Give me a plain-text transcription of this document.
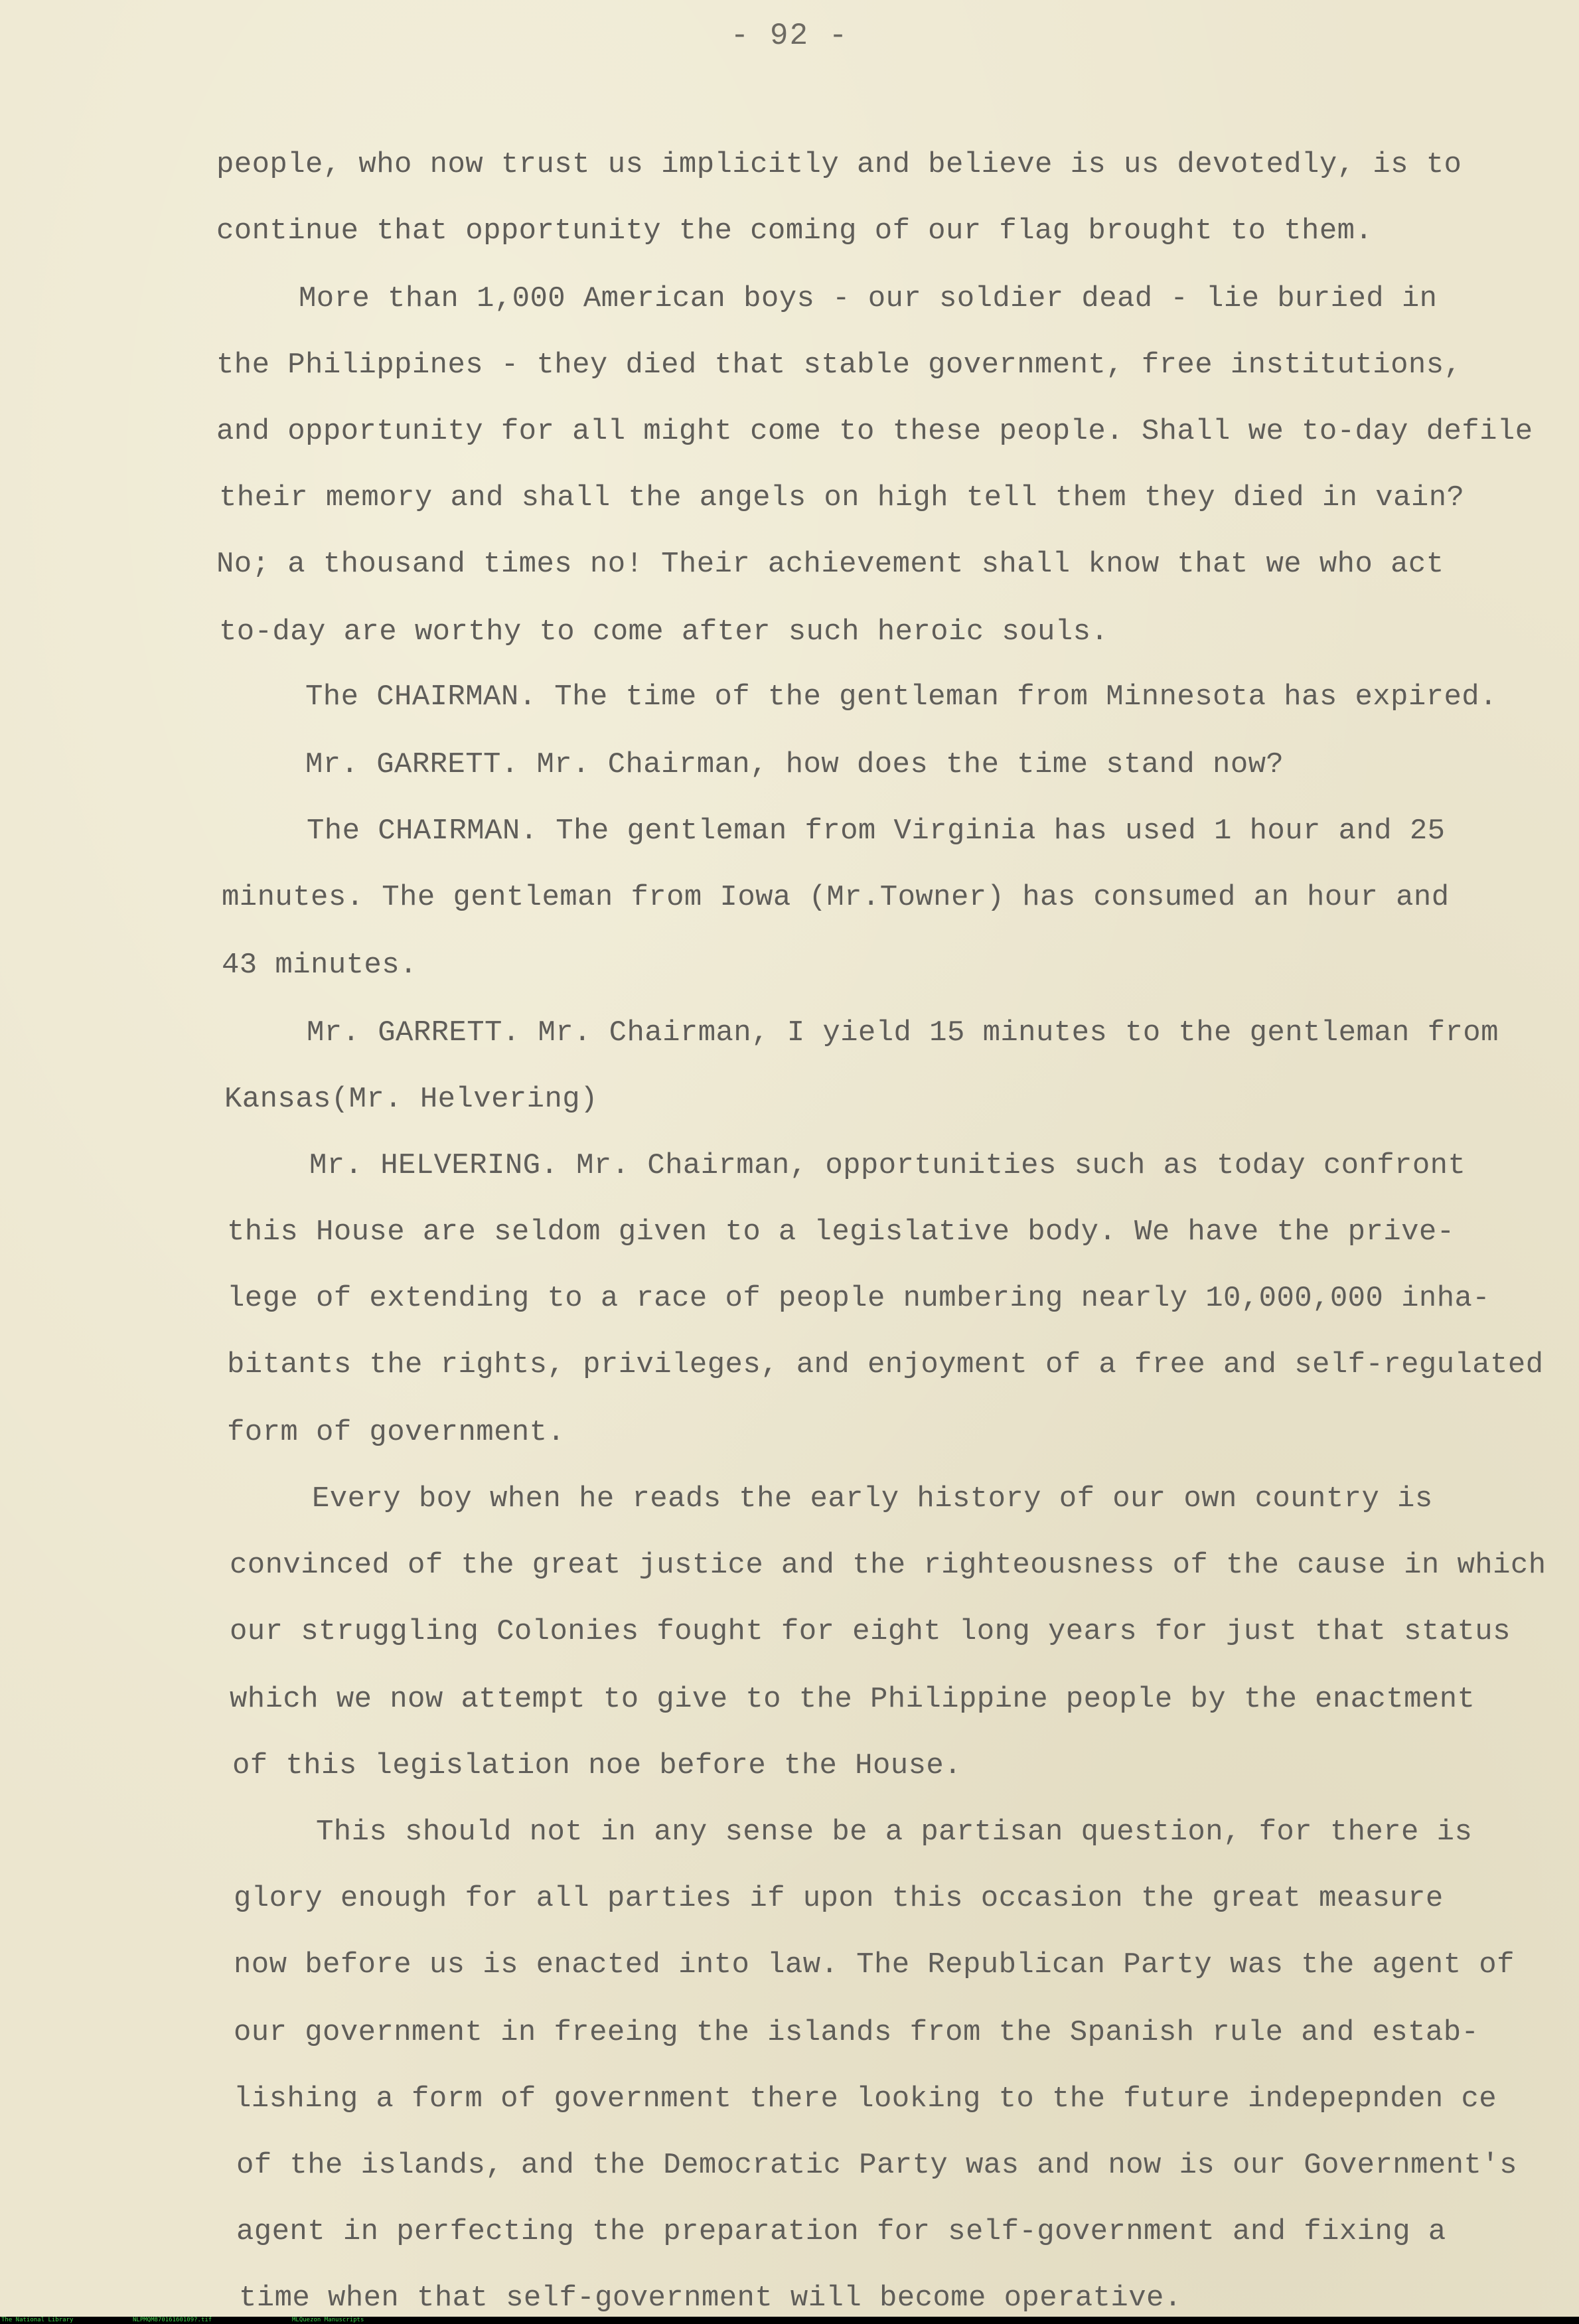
- 92 -
people, who now trust us implicitly and believe is us devotedly, is to
continue that opportunity the coming of our flag brought to them.
More than 1,000 American boys - our soldier dead - lie buried in
the Philippines - they died that stable government, free institutions,
and opportunity for all might come to these people. Shall we to-day defile
their memory and shall the angels on high tell them they died in vain?
No; a thousand times no! Their achievement shall know that we who act
to-day are worthy to come after such heroic souls.
The CHAIRMAN. The time of the gentleman from Minnesota has expired.
Mr. GARRETT. Mr. Chairman, how does the time stand now?
The CHAIRMAN. The gentleman from Virginia has used 1 hour and 25
minutes. The gentleman from Iowa (Mr.Towner) has consumed an hour and
43 minutes.
Mr. GARRETT. Mr. Chairman, I yield 15 minutes to the gentleman from
Kansas(Mr. Helvering)
Mr. HELVERING. Mr. Chairman, opportunities such as today confront
this House are seldom given to a legislative body. We have the prive-
lege of extending to a race of people numbering nearly 10,000,000 inha-
bitants the rights, privileges, and enjoyment of a free and self-regulated
form of government.
Every boy when he reads the early history of our own country is
convinced of the great justice and the righteousness of the cause in which
our struggling Colonies fought for eight long years for just that status
which we now attempt to give to the Philippine people by the enactment
of this legislation noe before the House.
This should not in any sense be a partisan question, for there is
glory enough for all parties if upon this occasion the great measure
now before us is enacted into law. The Republican Party was the agent of
our government in freeing the islands from the Spanish rule and estab-
lishing a form of government there looking to the future indepepnden ce
of the islands, and the Democratic Party was and now is our Government's
agent in perfecting the preparation for self-government and fixing a
time when that self-government will become operative.
The National Library	NLPMQM87016160109?.tif	MLQuezon Manuscripts
